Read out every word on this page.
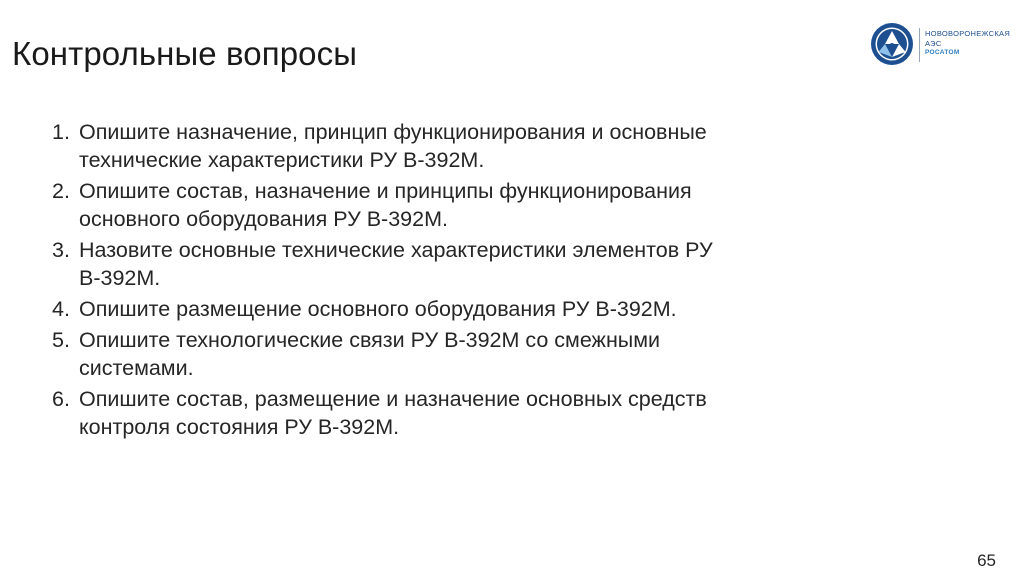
Контрольные вопросы
НОВОВОРОНЕЖСКАЯ
АЭС
РОСАТОМ
1. Опишите назначение, принцип функционирования и основные
технические характеристики РУ В-392М.
2. Опишите состав, назначение и принципы функционирования
основного оборудования РУ В-392М.
3. Назовите основные технические характеристики элементов РУ
В-392М.
4. Опишите размещение основного оборудования РУ В-392М.
5. Опишите технологические связи РУ В-392М со смежными
системами.
6. Опишите состав, размещение и назначение основных средств
контроля состояния РУ В-392М.
65
